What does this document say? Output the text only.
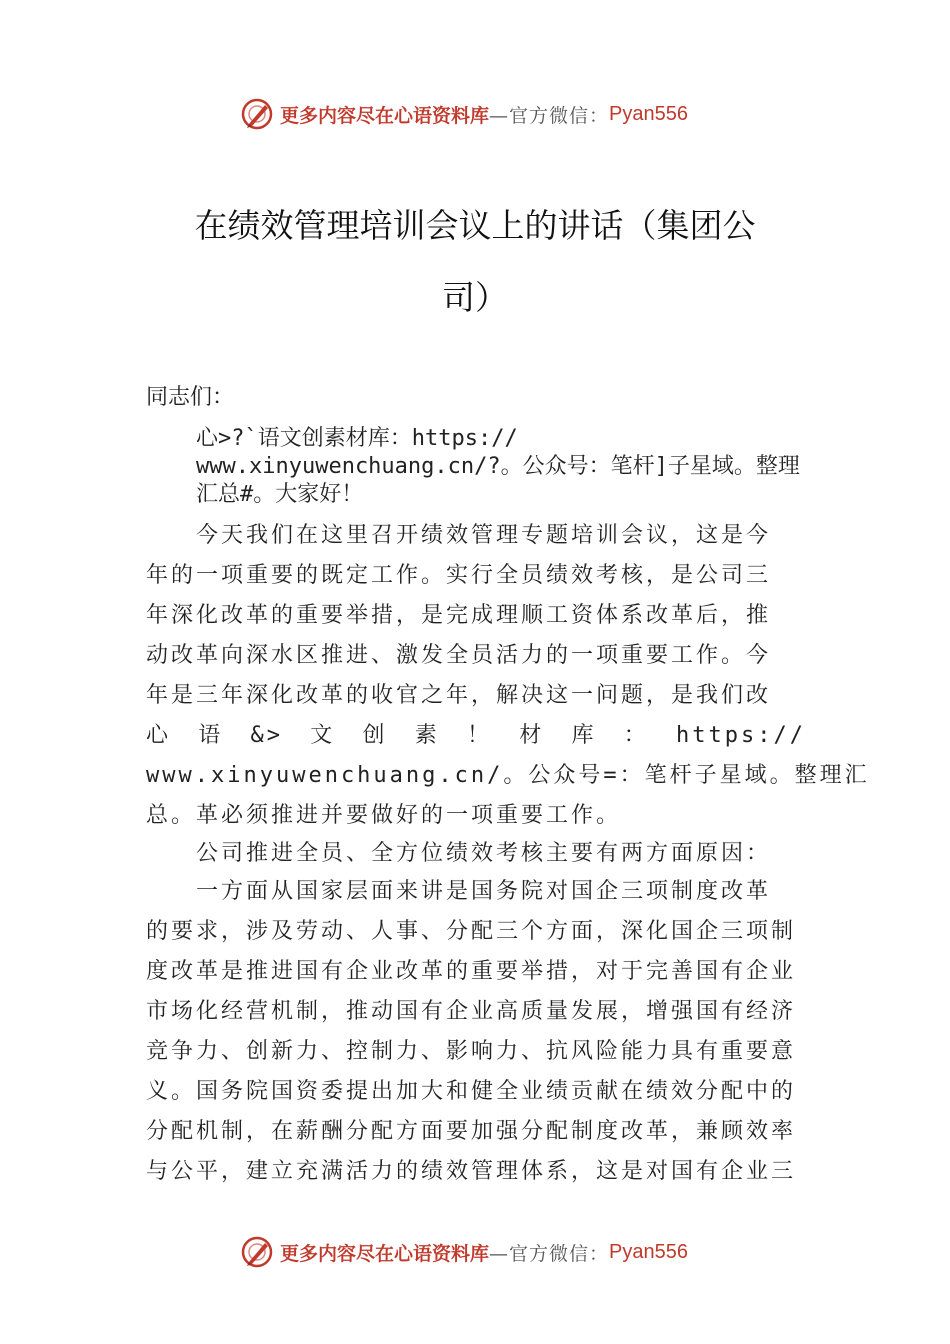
更多内容尽在心语资料库 —官方微信： Pyan556
在绩效管理培训会议上的讲话（集团公
司）
同志们：
心>?`语文创素材库：https://
www.xinyuwenchuang.cn/?。公众号：笔杆]子星域。整理
汇总#。大家好！
今天我们在这里召开绩效管理专题培训会议，这是今
年的一项重要的既定工作。实行全员绩效考核，是公司三
年深化改革的重要举措，是完成理顺工资体系改革后，推
动改革向深水区推进、激发全员活力的一项重要工作。今
年是三年深化改革的收官之年，解决这一问题，是我们改
心 语 &> 文 创 素 ！ 材 库 ： https://
www.xinyuwenchuang.cn/。公众号=：笔杆子星域。整理汇
总。革必须推进并要做好的一项重要工作。
公司推进全员、全方位绩效考核主要有两方面原因：
一方面从国家层面来讲是国务院对国企三项制度改革
的要求，涉及劳动、人事、分配三个方面，深化国企三项制
度改革是推进国有企业改革的重要举措，对于完善国有企业
市场化经营机制，推动国有企业高质量发展，增强国有经济
竞争力、创新力、控制力、影响力、抗风险能力具有重要意
义。国务院国资委提出加大和健全业绩贡献在绩效分配中的
分配机制，在薪酬分配方面要加强分配制度改革，兼顾效率
与公平，建立充满活力的绩效管理体系，这是对国有企业三
更多内容尽在心语资料库 —官方微信： Pyan556
